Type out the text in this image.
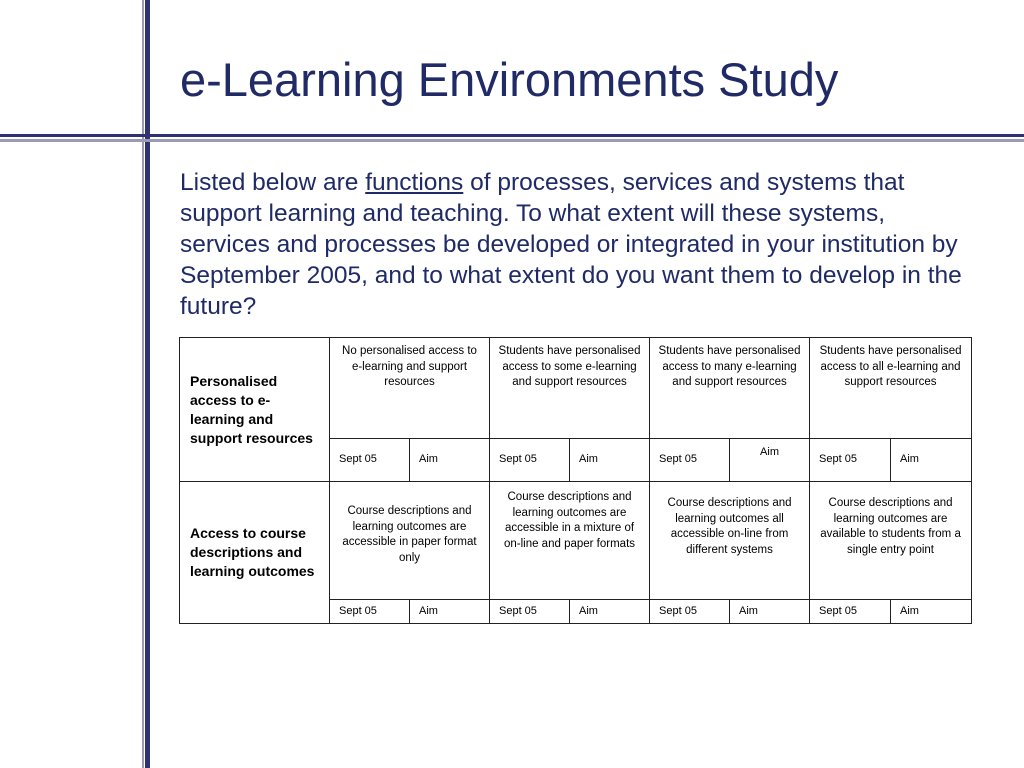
e-Learning Environments Study
Listed below are functions of processes, services and systems that support learning and teaching. To what extent will these systems, services and processes be developed or integrated in your institution by September 2005, and to what extent do you want them to develop in the future?
Personalised access to e-learning and support resources	No personalised access to e-learning and support resources		Students have personalised access to some e-learning and support resources		Students have personalised access to many e-learning and support resources		Students have personalised access to all e-learning and support resources	

	Sept 05	Aim	Sept 05	Aim	Sept 05	Aim	Sept 05	Aim
Access to course descriptions and learning outcomes	Course descriptions and learning outcomes are accessible in paper format only		Course descriptions and learning outcomes are accessible in a mixture of on-line and paper formats		Course descriptions and learning outcomes all accessible on-line from different systems		Course descriptions and learning outcomes are available to students from a single entry point	

	Sept 05	Aim	Sept 05	Aim	Sept 05	Aim	Sept 05	Aim
